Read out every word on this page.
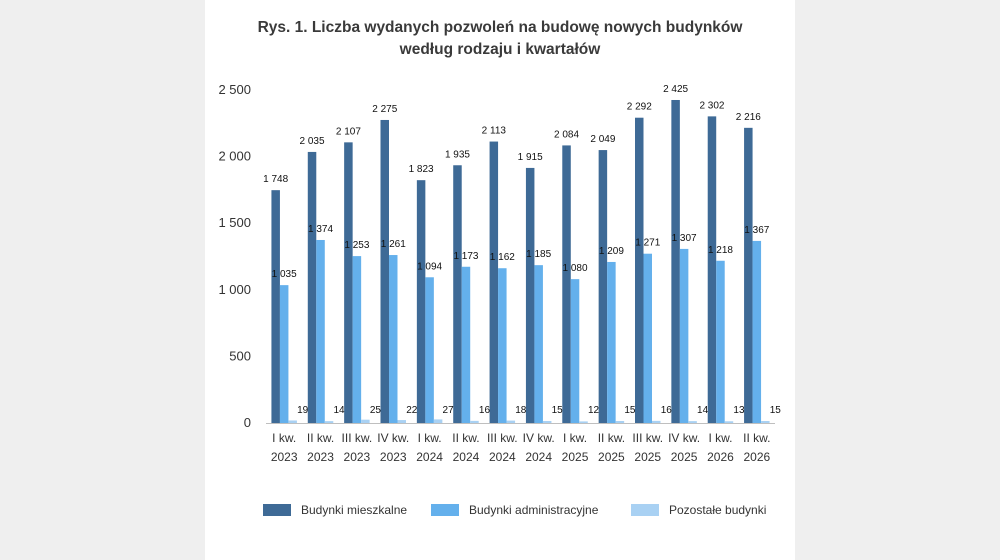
Rys. 1. Liczba wydanych pozwoleń na budowę nowych budynków
według rodzaju i kwartałów
0
500
1 000
1 500
2 000
2 500
1 748
1 035
19
2 035
1 374
14
2 107
1 253
25
2 275
1 261
22
1 823
1 094
27
1 935
1 173
16
2 113
1 162
18
1 915
1 185
15
2 084
1 080
12
2 049
1 209
15
2 292
1 271
16
2 425
1 307
14
2 302
1 218
13
2 216
1 367
15
I kw.
2023
II kw.
2023
III kw.
2023
IV kw.
2023
I kw.
2024
II kw.
2024
III kw.
2024
IV kw.
2024
I kw.
2025
II kw.
2025
III kw.
2025
IV kw.
2025
I kw.
2026
II kw.
2026
Budynki mieszkalne	Budynki administracyjne	Pozostałe budynki
